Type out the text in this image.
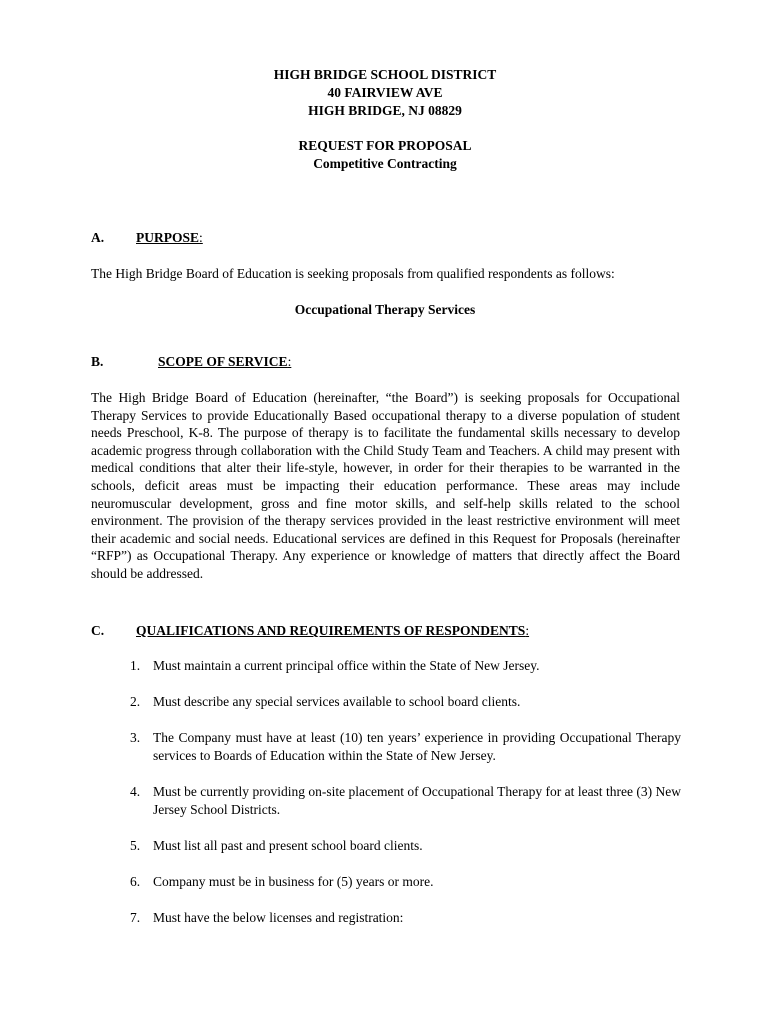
HIGH BRIDGE SCHOOL DISTRICT
40 FAIRVIEW AVE
HIGH BRIDGE, NJ 08829
REQUEST FOR PROPOSAL
Competitive Contracting
A. PURPOSE:
The High Bridge Board of Education is seeking proposals from qualified respondents as follows:
Occupational Therapy Services
B.	SCOPE OF SERVICE:
The High Bridge Board of Education (hereinafter, “the Board”) is seeking proposals for Occupational Therapy Services to provide Educationally Based occupational therapy to a diverse population of student needs Preschool, K-8. The purpose of therapy is to facilitate the fundamental skills necessary to develop academic progress through collaboration with the Child Study Team and Teachers. A child may present with medical conditions that alter their life-style, however, in order for their therapies to be warranted in the schools, deficit areas must be impacting their education performance. These areas may include neuromuscular development, gross and fine motor skills, and self-help skills related to the school environment. The provision of the therapy services provided in the least restrictive environment will meet their academic and social needs. Educational services are defined in this Request for Proposals (hereinafter “RFP”) as Occupational Therapy. Any experience or knowledge of matters that directly affect the Board should be addressed.
C. QUALIFICATIONS AND REQUIREMENTS OF RESPONDENTS:
1. Must maintain a current principal office within the State of New Jersey.
2. Must describe any special services available to school board clients.
3. The Company must have at least (10) ten years’ experience in providing Occupational Therapy services to Boards of Education within the State of New Jersey.
4. Must be currently providing on-site placement of Occupational Therapy for at least three (3) New Jersey School Districts.
5. Must list all past and present school board clients.
6. Company must be in business for (5) years or more.
7. Must have the below licenses and registration:
